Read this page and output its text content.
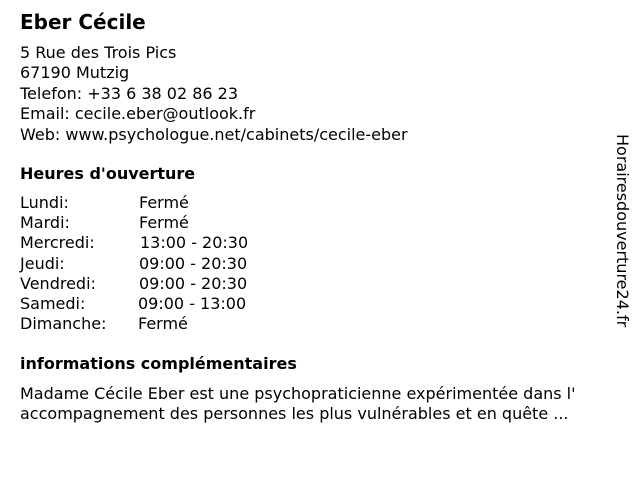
Eber Cécile
5 Rue des Trois Pics
67190 Mutzig
Telefon: +33 6 38 02 86 23
Email: cecile.eber@outlook.fr
Web: www.psychologue.net/cabinets/cecile-eber
Heures d'ouverture
Lundi:	Fermé
Mardi:	Fermé
Mercredi:	13:00 - 20:30
Jeudi:	09:00 - 20:30
Vendredi:	09:00 - 20:30
Samedi:	09:00 - 13:00
Dimanche: Fermé
informations complémentaires
Madame Cécile Eber est une psychopraticienne expérimentée dans l'
accompagnement des personnes les plus vulnérables et en quête ...
Horairesdouverture24.fr
